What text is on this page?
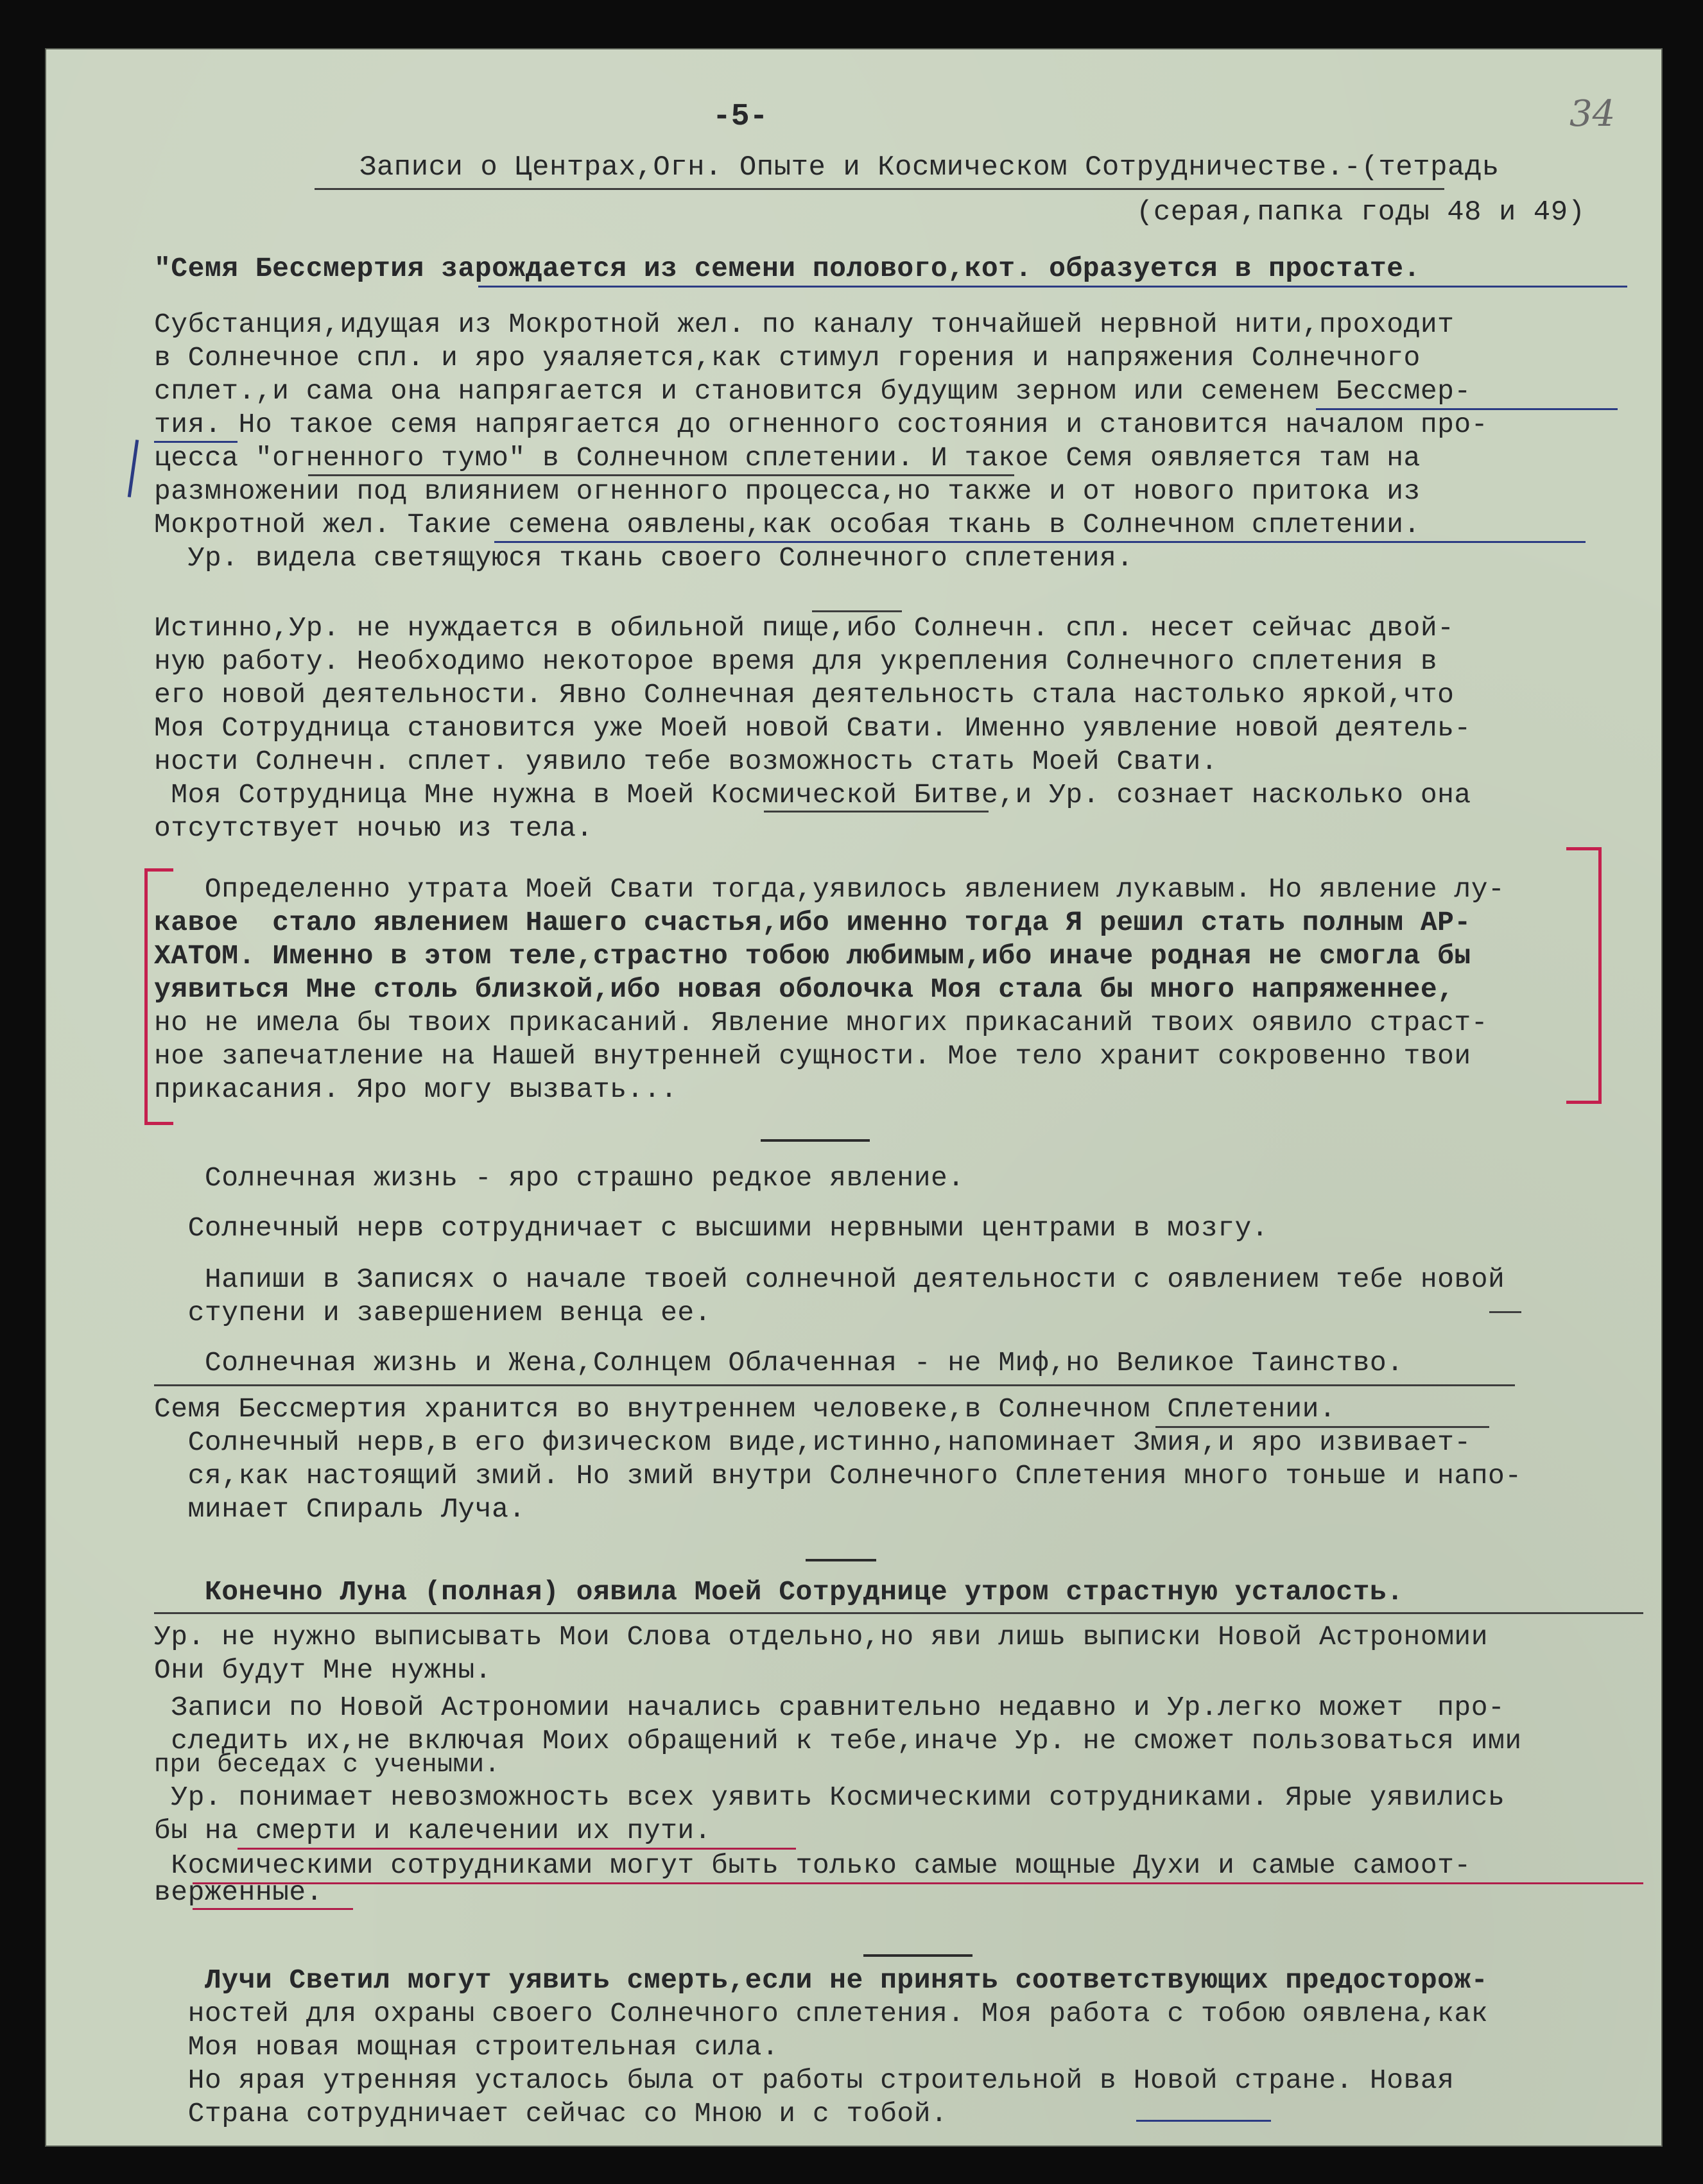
-5-	34
Записи о Центрах,Огн. Опыте и Космическом Сотрудничестве.-(тетрадь
(серая,папка годы 48 и 49)
"Семя Бессмертия зарождается из семени полового,кот. образуется в простате.
Субстанция,идущая из Мокротной жел. по каналу тончайшей нервной нити,проходит
в Солнечное спл. и яро уяаляется,как стимул горения и напряжения Солнечного
сплет.,и сама она напрягается и становится будущим зерном или семенем Бессмер-
тия. Но такое семя напрягается до огненного состояния и становится началом про-
цесса "огненного тумо" в Солнечном сплетении. И такое Семя оявляется там на
размножении под влиянием огненного процесса,но также и от нового притока из
Мокротной жел. Такие семена оявлены,как особая ткань в Солнечном сплетении.
Ур. видела светящуюся ткань своего Солнечного сплетения.
Истинно,Ур. не нуждается в обильной пище,ибо Солнечн. спл. несет сейчас двой-
ную работу. Необходимо некоторое время для укрепления Солнечного сплетения в
его новой деятельности. Явно Солнечная деятельность стала настолько яркой,что
Моя Сотрудница становится уже Моей новой Свати. Именно уявление новой деятель-
ности Солнечн. сплет. уявило тебе возможность стать Моей Свати.
Моя Сотрудница Мне нужна в Моей Космической Битве,и Ур. сознает насколько она
отсутствует ночью из тела.
Определенно утрата Моей Свати тогда,уявилось явлением лукавым. Но явление лу-
кавое  стало явлением Нашего счастья,ибо именно тогда Я решил стать полным АР-
ХАТОМ. Именно в этом теле,страстно тобою любимым,ибо иначе родная не смогла бы
уявиться Мне столь близкой,ибо новая оболочка Моя стала бы много напряженнее,
но не имела бы твоих прикасаний. Явление многих прикасаний твоих оявило страст-
ное запечатление на Нашей внутренней сущности. Мое тело хранит сокровенно твои
прикасания. Яро могу вызвать...
Солнечная жизнь - яро страшно редкое явление.
Солнечный нерв сотрудничает с высшими нервными центрами в мозгу.
Напиши в Записях о начале твоей солнечной деятельности с оявлением тебе новой
ступени и завершением венца ее.
Солнечная жизнь и Жена,Солнцем Облаченная - не Миф,но Великое Таинство.
Семя Бессмертия хранится во внутреннем человеке,в Солнечном Сплетении.
Солнечный нерв,в его физическом виде,истинно,напоминает Змия,и яро извивает-
ся,как настоящий змий. Но змий внутри Солнечного Сплетения много тоньше и напо-
минает Спираль Луча.
Конечно Луна (полная) оявила Моей Сотруднице утром страстную усталость.
Ур. не нужно выписывать Мои Слова отдельно,но яви лишь выписки Новой Астрономии
Они будут Мне нужны.
Записи по Новой Астрономии начались сравнительно недавно и Ур.легко может  про-
следить их,не включая Моих обращений к тебе,иначе Ур. не сможет пользоваться ими
при беседах с учеными.
Ур. понимает невозможность всех уявить Космическими сотрудниками. Ярые уявились
бы на смерти и калечении их пути.
Космическими сотрудниками могут быть только самые мощные Духи и самые самоот-
верженные.
Лучи Светил могут уявить смерть,если не принять соответствующих предосторож-
ностей для охраны своего Солнечного сплетения. Моя работа с тобою оявлена,как
Моя новая мощная строительная сила.
Но ярая утренняя усталось была от работы строительной в Новой стране. Новая
Страна сотрудничает сейчас со Мною и с тобой.
